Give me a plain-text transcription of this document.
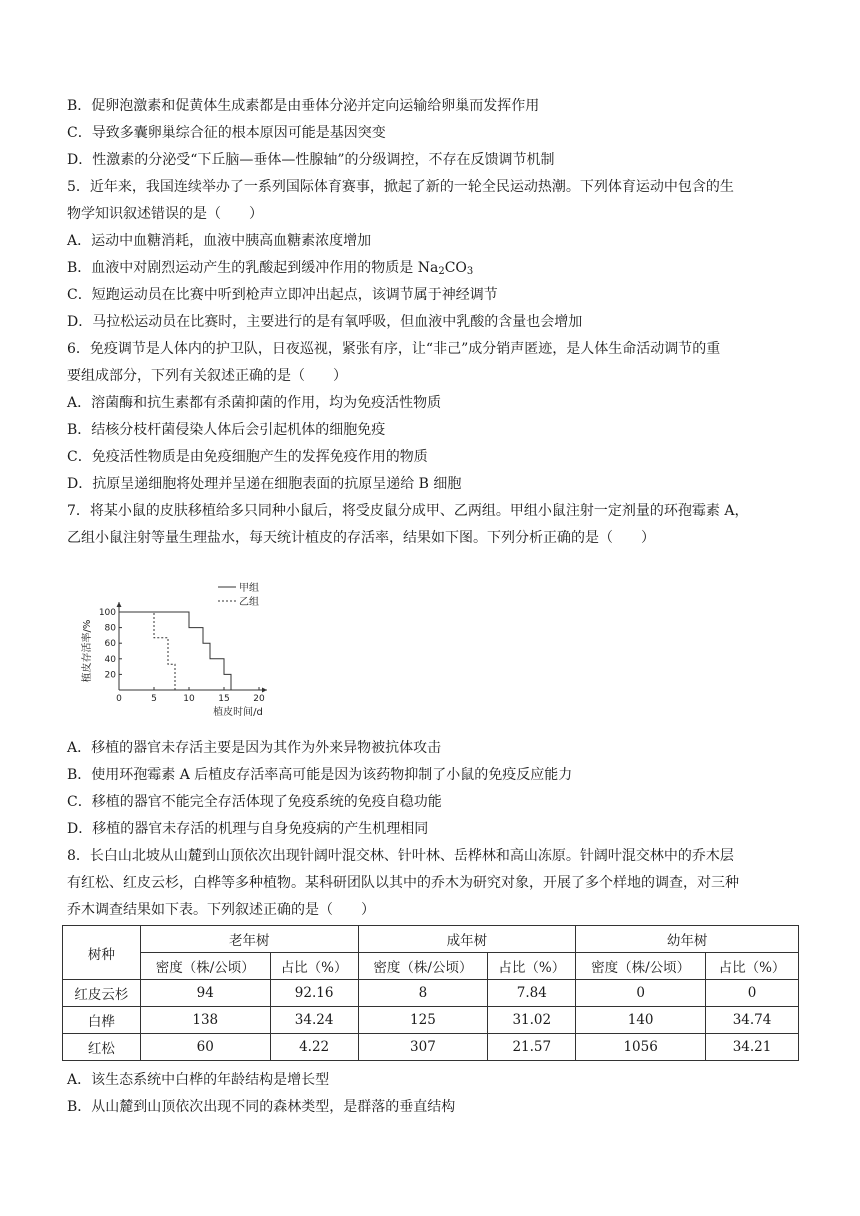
B．促卵泡激素和促黄体生成素都是由垂体分泌并定向运输给卵巢而发挥作用
C．导致多囊卵巢综合征的根本原因可能是基因突变
D．性激素的分泌受“下丘脑—垂体—性腺轴”的分级调控，不存在反馈调节机制
5．近年来，我国连续举办了一系列国际体育赛事，掀起了新的一轮全民运动热潮。下列体育运动中包含的生
物学知识叙述错误的是（　　）
A．运动中血糖消耗，血液中胰高血糖素浓度增加
B．血液中对剧烈运动产生的乳酸起到缓冲作用的物质是 $Na_2CO_3$
C．短跑运动员在比赛中听到枪声立即冲出起点，该调节属于神经调节
D．马拉松运动员在比赛时，主要进行的是有氧呼吸，但血液中乳酸的含量也会增加
6．免疫调节是人体内的护卫队，日夜巡视，紧张有序，让“非己”成分销声匿迹，是人体生命活动调节的重
要组成部分，下列有关叙述正确的是（　　）
A．溶菌酶和抗生素都有杀菌抑菌的作用，均为免疫活性物质
B．结核分枝杆菌侵染人体后会引起机体的细胞免疫
C．免疫活性物质是由免疫细胞产生的发挥免疫作用的物质
D．抗原呈递细胞将处理并呈递在细胞表面的抗原呈递给 B 细胞
7．将某小鼠的皮肤移植给多只同种小鼠后，将受皮鼠分成甲、乙两组。甲组小鼠注射一定剂量的环孢霉素 A，
乙组小鼠注射等量生理盐水，每天统计植皮的存活率，结果如下图。下列分析正确的是（　　）
0	5	10	15	20
20
40
60
80
100
植皮时间/d
植皮存活率/%
甲组
乙组
A．移植的器官未存活主要是因为其作为外来异物被抗体攻击
B．使用环孢霉素 A 后植皮存活率高可能是因为该药物抑制了小鼠的免疫反应能力
C．移植的器官不能完全存活体现了免疫系统的免疫自稳功能
D．移植的器官未存活的机理与自身免疫病的产生机理相同
8．长白山北坡从山麓到山顶依次出现针阔叶混交林、针叶林、岳桦林和高山冻原。针阔叶混交林中的乔木层
有红松、红皮云杉，白桦等多种植物。某科研团队以其中的乔木为研究对象，开展了多个样地的调查，对三种
乔木调查结果如下表。下列叙述正确的是（　　）
树种	老年树		成年树		幼年树	
	密度（株/公顷）	占比（%）	密度（株/公顷）	占比（%）	密度（株/公顷）	占比（%）
红皮云杉	94	92.16	8	7.84	0	0
白桦	138	34.24	125	31.02	140	34.74
红松	60	4.22	307	21.57	1056	34.21
A．该生态系统中白桦的年龄结构是增长型
B．从山麓到山顶依次出现不同的森林类型，是群落的垂直结构
